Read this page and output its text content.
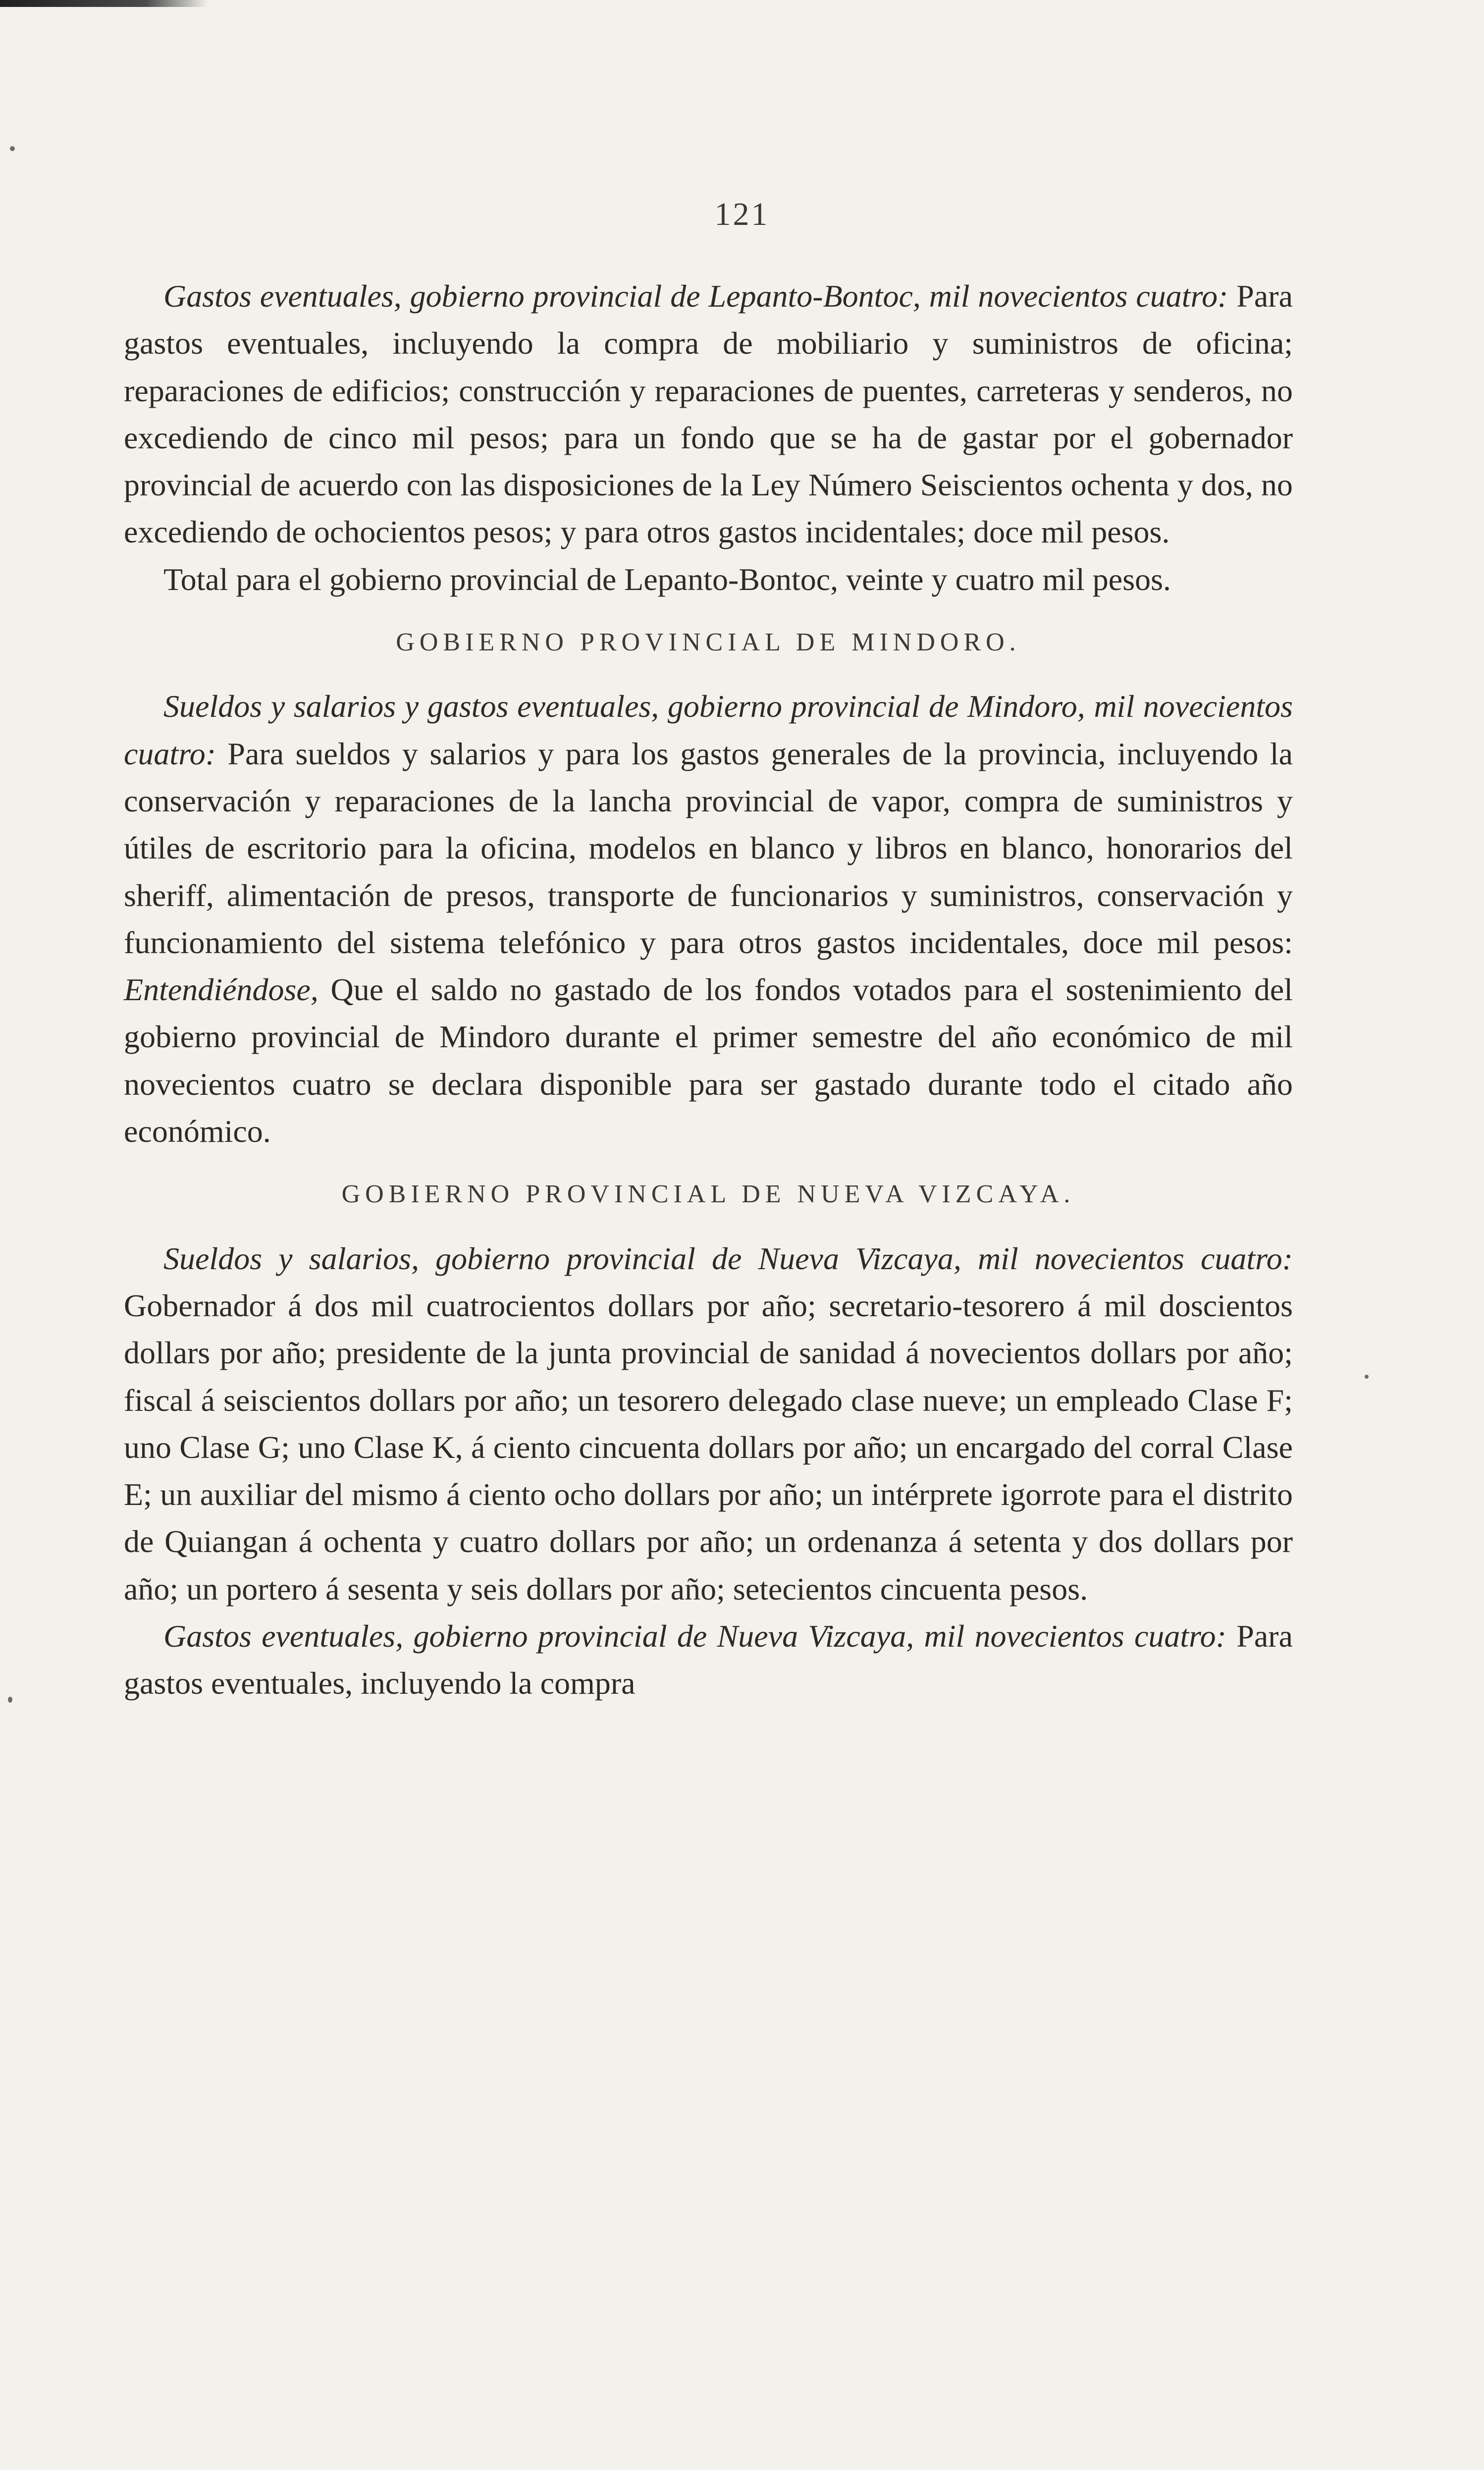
121

Gastos eventuales, gobierno provincial de Lepanto-Bontoc, mil novecientos cuatro: Para gastos eventuales, incluyendo la compra de mobiliario y suministros de oficina; reparaciones de edificios; construcción y reparaciones de puentes, carreteras y senderos, no excediendo de cinco mil pesos; para un fondo que se ha de gastar por el gobernador provincial de acuerdo con las disposiciones de la Ley Número Seiscientos ochenta y dos, no excediendo de ochocientos pesos; y para otros gastos incidentales; doce mil pesos.

Total para el gobierno provincial de Lepanto-Bontoc, veinte y cuatro mil pesos.

GOBIERNO PROVINCIAL DE MINDORO.

Sueldos y salarios y gastos eventuales, gobierno provincial de Mindoro, mil novecientos cuatro: Para sueldos y salarios y para los gastos generales de la provincia, incluyendo la conservación y reparaciones de la lancha provincial de vapor, compra de suministros y útiles de escritorio para la oficina, modelos en blanco y libros en blanco, honorarios del sheriff, alimentación de presos, transporte de funcionarios y suministros, conservación y funcionamiento del sistema telefónico y para otros gastos incidentales, doce mil pesos: Entendiéndose, Que el saldo no gastado de los fondos votados para el sostenimiento del gobierno provincial de Mindoro durante el primer semestre del año económico de mil novecientos cuatro se declara disponible para ser gastado durante todo el citado año económico.

GOBIERNO PROVINCIAL DE NUEVA VIZCAYA.

Sueldos y salarios, gobierno provincial de Nueva Vizcaya, mil novecientos cuatro: Gobernador á dos mil cuatrocientos dollars por año; secretario-tesorero á mil doscientos dollars por año; presidente de la junta provincial de sanidad á novecientos dollars por año; fiscal á seiscientos dollars por año; un tesorero delegado clase nueve; un empleado Clase F; uno Clase G; uno Clase K, á ciento cincuenta dollars por año; un encargado del corral Clase E; un auxiliar del mismo á ciento ocho dollars por año; un intérprete igorrote para el distrito de Quiangan á ochenta y cuatro dollars por año; un ordenanza á setenta y dos dollars por año; un portero á sesenta y seis dollars por año; setecientos cincuenta pesos.

Gastos eventuales, gobierno provincial de Nueva Vizcaya, mil novecientos cuatro: Para gastos eventuales, incluyendo la compra
